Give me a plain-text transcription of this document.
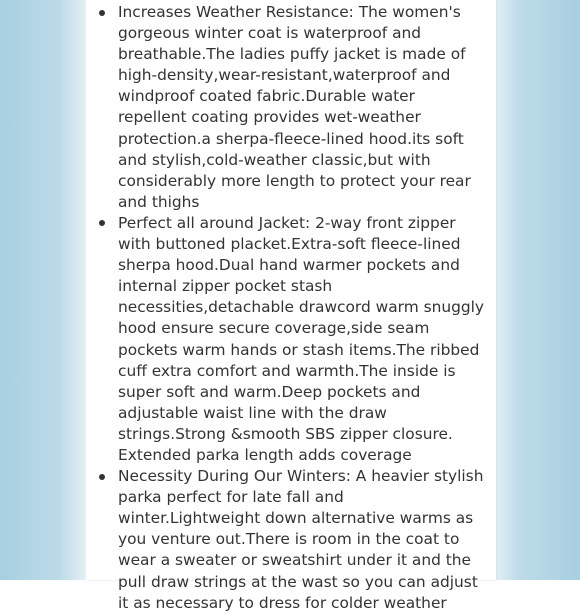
Increases Weather Resistance: The women's gorgeous winter coat is waterproof and breathable.The ladies puffy jacket is made of high-density,wear-resistant,waterproof and windproof coated fabric.Durable water repellent coating provides wet-weather protection.a sherpa-fleece-lined hood.its soft and stylish,cold-weather classic,but with considerably more length to protect your rear and thighs
Perfect all around Jacket: 2-way front zipper with buttoned placket.Extra-soft fleece-lined sherpa hood.Dual hand warmer pockets and internal zipper pocket stash necessities,detachable drawcord warm snuggly hood ensure secure coverage,side seam pockets warm hands or stash items.The ribbed cuff extra comfort and warmth.The inside is super soft and warm.Deep pockets and adjustable waist line with the draw strings.Strong &smooth SBS zipper closure. Extended parka length adds coverage
Necessity During Our Winters: A heavier stylish parka perfect for late fall and winter.Lightweight down alternative warms as you venture out.There is room in the coat to wear a sweater or sweatshirt under it and the pull draw strings at the wast so you can adjust it as necessary to dress for colder weather
